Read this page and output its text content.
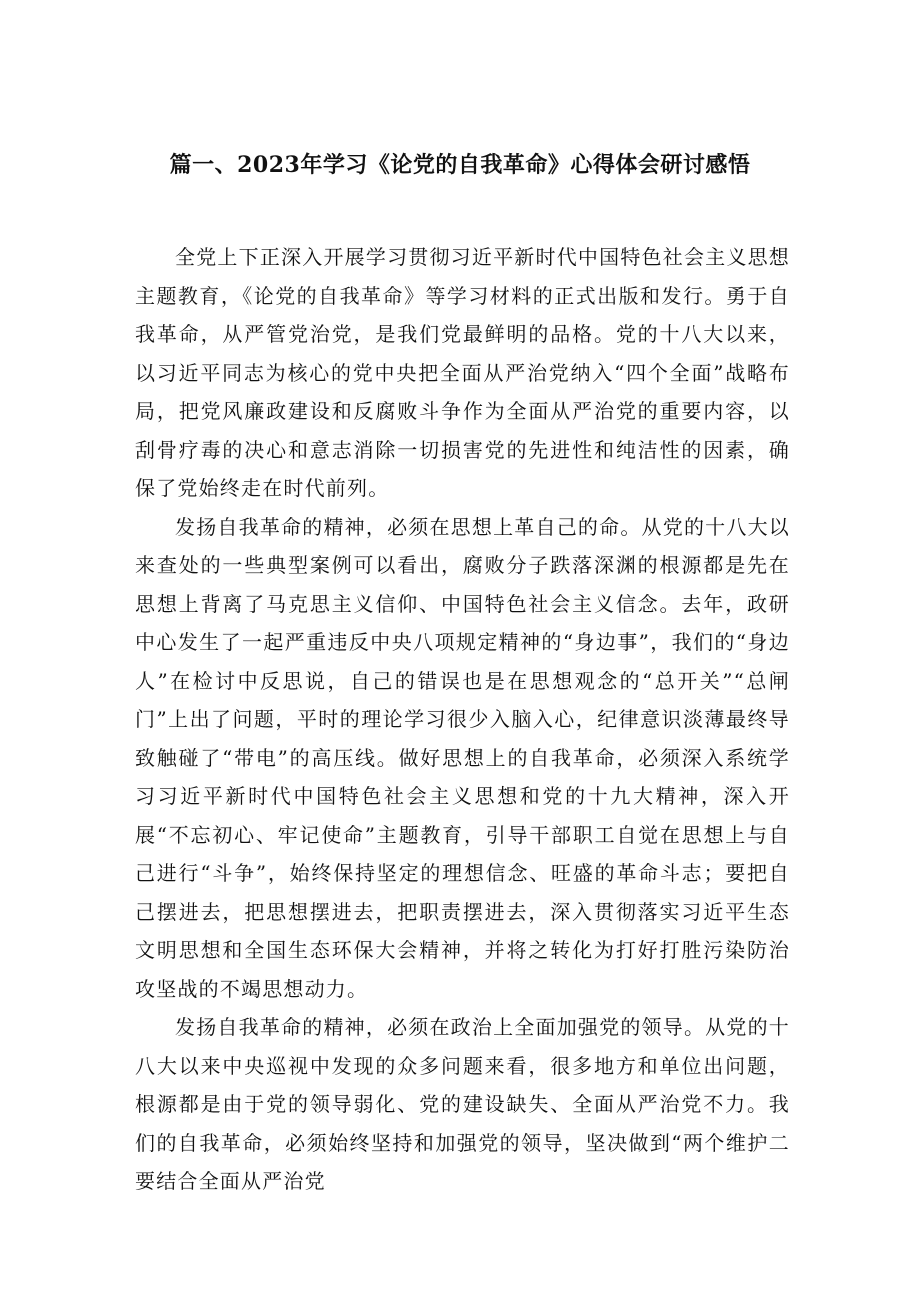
篇一、2023年学习《论党的自我革命》心得体会研讨感悟

全党上下正深入开展学习贯彻习近平新时代中国特色社会主义思想主题教育，《论党的自我革命》等学习材料的正式出版和发行。勇于自我革命，从严管党治党，是我们党最鲜明的品格。党的十八大以来，以习近平同志为核心的党中央把全面从严治党纳入“四个全面”战略布局，把党风廉政建设和反腐败斗争作为全面从严治党的重要内容，以刮骨疗毒的决心和意志消除一切损害党的先进性和纯洁性的因素，确保了党始终走在时代前列。

发扬自我革命的精神，必须在思想上革自己的命。从党的十八大以来查处的一些典型案例可以看出，腐败分子跌落深渊的根源都是先在思想上背离了马克思主义信仰、中国特色社会主义信念。去年，政研中心发生了一起严重违反中央八项规定精神的“身边事”，我们的“身边人”在检讨中反思说，自己的错误也是在思想观念的“总开关”“总闸门”上出了问题，平时的理论学习很少入脑入心，纪律意识淡薄最终导致触碰了“带电”的高压线。做好思想上的自我革命，必须深入系统学习习近平新时代中国特色社会主义思想和党的十九大精神，深入开展“不忘初心、牢记使命”主题教育，引导干部职工自觉在思想上与自己进行“斗争”，始终保持坚定的理想信念、旺盛的革命斗志；要把自己摆进去，把思想摆进去，把职责摆进去，深入贯彻落实习近平生态文明思想和全国生态环保大会精神，并将之转化为打好打胜污染防治攻坚战的不竭思想动力。

发扬自我革命的精神，必须在政治上全面加强党的领导。从党的十八大以来中央巡视中发现的众多问题来看，很多地方和单位出问题，根源都是由于党的领导弱化、党的建设缺失、全面从严治党不力。我们的自我革命，必须始终坚持和加强党的领导，坚决做到“两个维护二要结合全面从严治党
